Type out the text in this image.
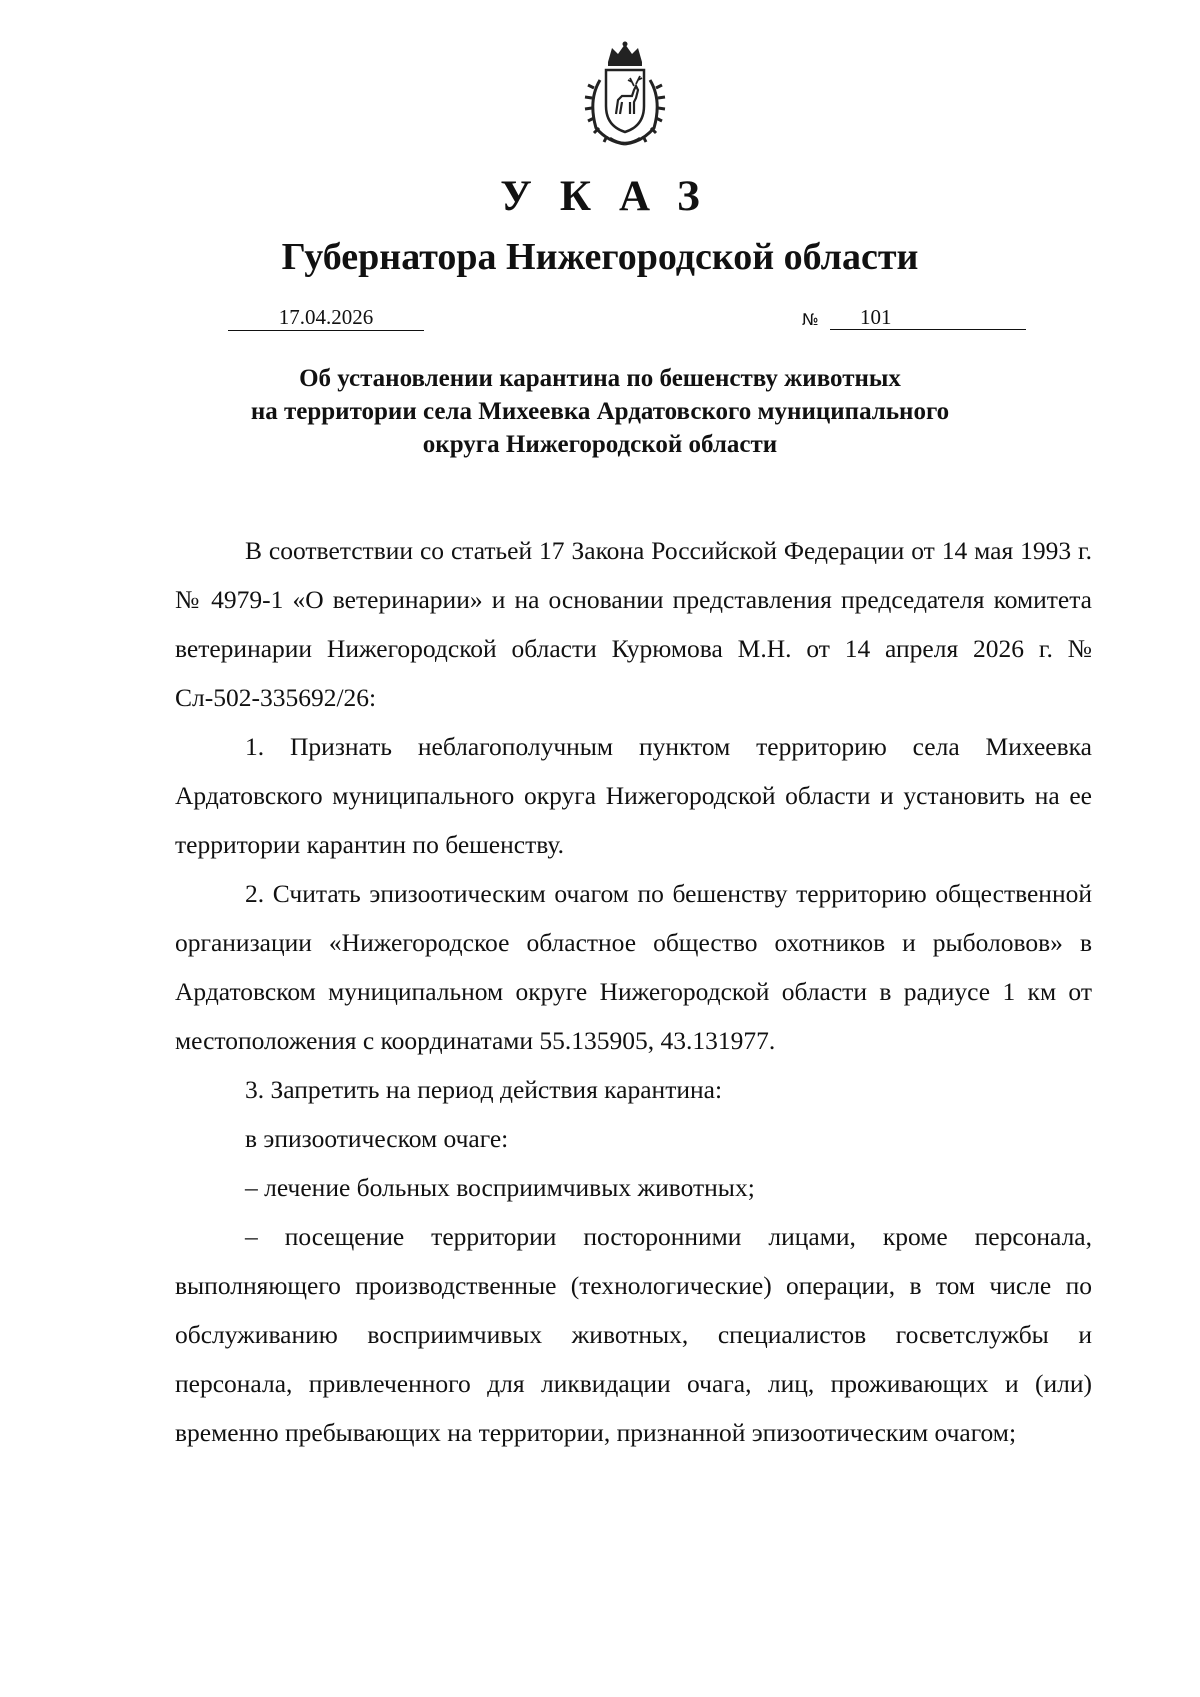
УКАЗ
Губернатора Нижегородской области
17.04.2026	№	101
Об установлении карантина по бешенству животных
на территории села Михеевка Ардатовского муниципального
округа Нижегородской области

В соответствии со статьей 17 Закона Российской Федерации от 14 мая 1993 г. № 4979-1 «О ветеринарии» и на основании представления председателя комитета ветеринарии Нижегородской области Курюмова М.Н. от 14 апреля 2026 г. № Сл-502-335692/26:

1. Признать неблагополучным пунктом территорию села Михеевка Ардатовского муниципального округа Нижегородской области и установить на ее территории карантин по бешенству.

2. Считать эпизоотическим очагом по бешенству территорию общественной организации «Нижегородское областное общество охотников и рыболовов» в Ардатовском муниципальном округе Нижегородской области в радиусе 1 км от местоположения с координатами 55.135905, 43.131977.

3. Запретить на период действия карантина:

в эпизоотическом очаге:

– лечение больных восприимчивых животных;

– посещение территории посторонними лицами, кроме персонала, выполняющего производственные (технологические) операции, в том числе по обслуживанию восприимчивых животных, специалистов госветслужбы и персонала, привлеченного для ликвидации очага, лиц, проживающих и (или) временно пребывающих на территории, признанной эпизоотическим очагом;
